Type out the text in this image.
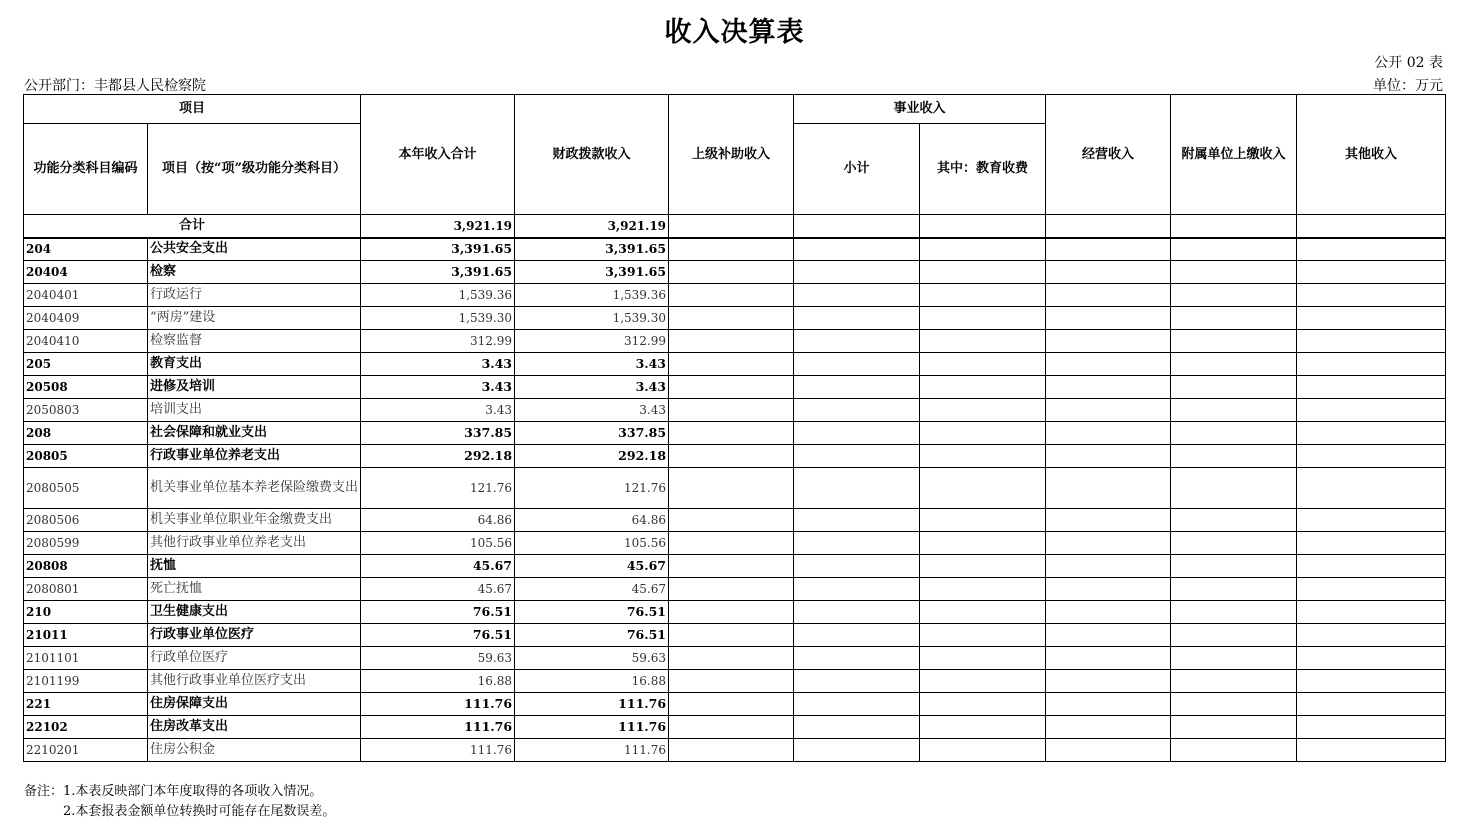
收入决算表
公开 02 表
公开部门：丰都县人民检察院	单位：万元
项目		本年收入合计	财政拨款收入	上级补助收入	事业收入		经营收入	附属单位上缴收入	其他收入
功能分类科目编码	项目（按“项”级功能分类科目）				小计	其中：教育收费			
合计		3,921.19	3,921.19						
204	公共安全支出	3,391.65	3,391.65						
20404	检察	3,391.65	3,391.65						
2040401	行政运行	1,539.36	1,539.36						
2040409	“两房”建设	1,539.30	1,539.30						
2040410	检察监督	312.99	312.99						
205	教育支出	3.43	3.43						
20508	进修及培训	3.43	3.43						
2050803	培训支出	3.43	3.43						
208	社会保障和就业支出	337.85	337.85						
20805	行政事业单位养老支出	292.18	292.18						
2080505	机关事业单位基本养老保险缴费支出	121.76	121.76						
2080506	机关事业单位职业年金缴费支出	64.86	64.86						
2080599	其他行政事业单位养老支出	105.56	105.56						
20808	抚恤	45.67	45.67						
2080801	死亡抚恤	45.67	45.67						
210	卫生健康支出	76.51	76.51						
21011	行政事业单位医疗	76.51	76.51						
2101101	行政单位医疗	59.63	59.63						
2101199	其他行政事业单位医疗支出	16.88	16.88						
221	住房保障支出	111.76	111.76						
22102	住房改革支出	111.76	111.76						
2210201	住房公积金	111.76	111.76						
备注：1.本表反映部门本年度取得的各项收入情况。
2.本套报表金额单位转换时可能存在尾数误差。
